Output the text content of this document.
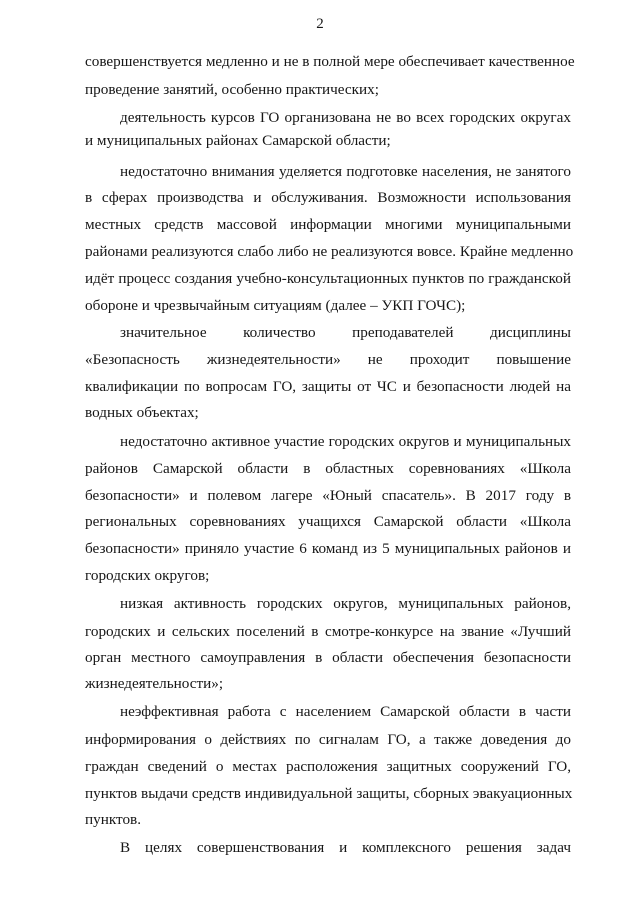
2

совершенствуется медленно и не в полной мере обеспечивает качественное

проведение занятий, особенно практических;

деятельность курсов ГО организована не во всех городских округах

и муниципальных районах Самарской области;

недостаточно внимания уделяется подготовке населения, не занятого

в сферах производства и обслуживания. Возможности использования

местных средств массовой информации многими муниципальными

районами реализуются слабо либо не реализуются вовсе. Крайне медленно

идёт процесс создания учебно-консультационных пунктов по гражданской

обороне и чрезвычайным ситуациям (далее – УКП ГОЧС);

значительное количество преподавателей дисциплины

«Безопасность жизнедеятельности» не проходит повышение

квалификации по вопросам ГО, защиты от ЧС и безопасности людей на

водных объектах;

недостаточно активное участие городских округов и муниципальных

районов Самарской области в областных соревнованиях «Школа

безопасности» и полевом лагере «Юный спасатель». В 2017 году в

региональных соревнованиях учащихся Самарской области «Школа

безопасности» приняло участие 6 команд из 5 муниципальных районов и

городских округов;

низкая активность городских округов, муниципальных районов,

городских и сельских поселений в смотре-конкурсе на звание «Лучший

орган местного самоуправления в области обеспечения безопасности

жизнедеятельности»;

неэффективная работа с населением Самарской области в части

информирования о действиях по сигналам ГО, а также доведения до

граждан сведений о местах расположения защитных сооружений ГО,

пунктов выдачи средств индивидуальной защиты, сборных эвакуационных

пунктов.

В целях совершенствования и комплексного решения задач
